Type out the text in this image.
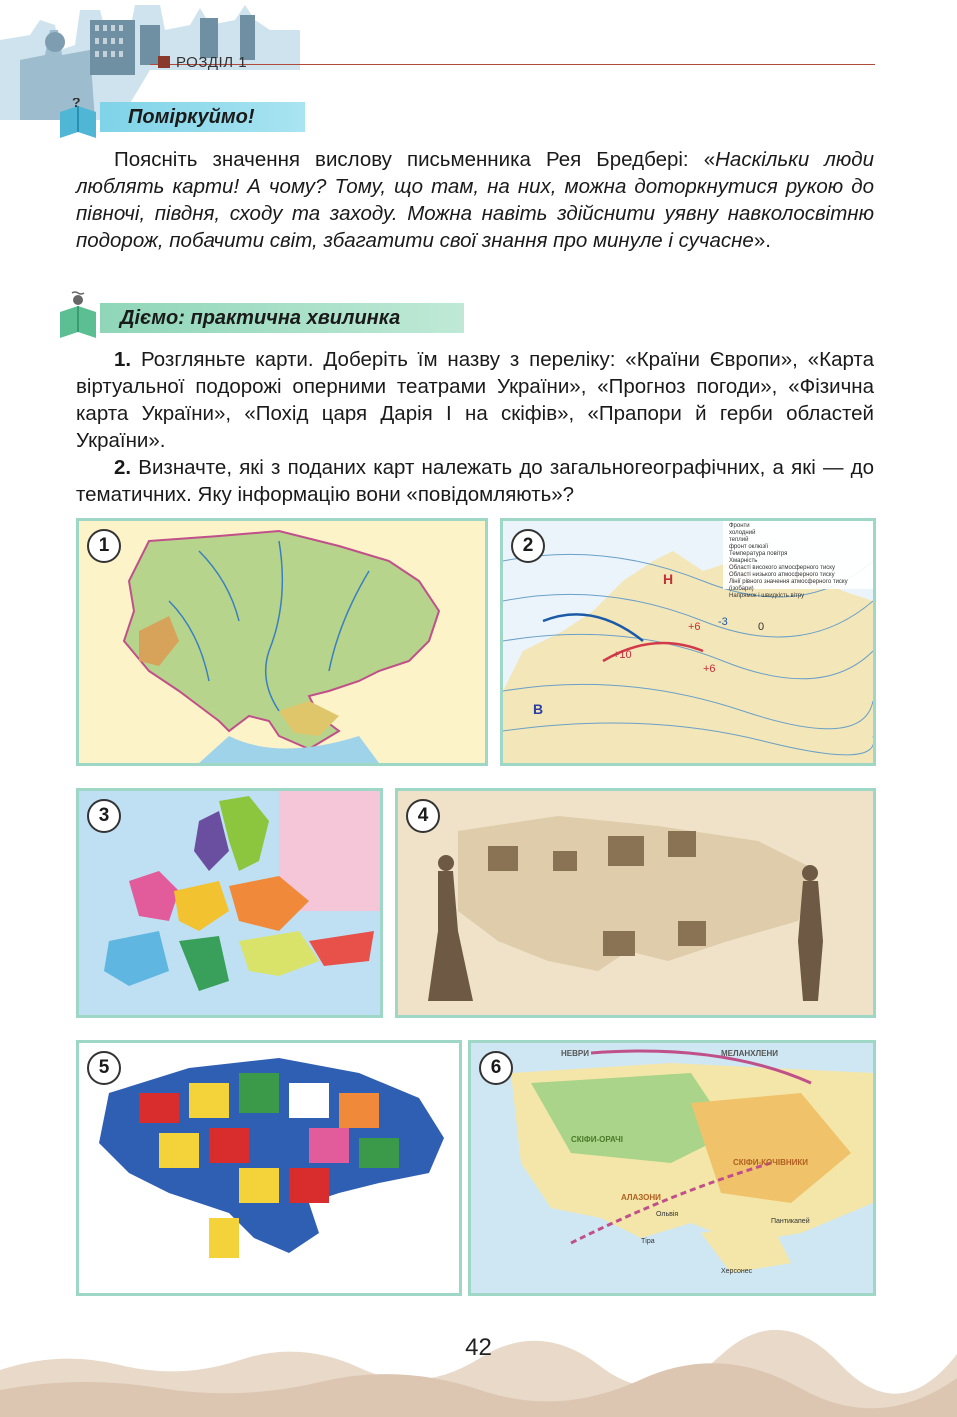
РОЗДІЛ 1
?
Поміркуймо!
Поясніть значення вислову письменника Рея Бредбері: «Наскільки люди люблять карти! А чому? Тому, що там, на них, можна доторкнутися рукою до півночі, півдня, сходу та заходу. Можна навіть здійснити уявну навколосвітню подорож, побачити світ, збагатити свої знання про минуле і сучасне».
Діємо: практична хвилинка
1. Розгляньте карти. Доберіть їм назву з переліку: «Країни Європи», «Карта віртуальної подорожі оперними театрами України», «Прогноз погоди», «Фізична карта України», «Похід царя Дарія І на скіфів», «Прапори й герби областей України».
2. Визначте, які з поданих карт належать до загальногеографічних, а які — до тематичних. Яку інформацію вони «повідомляють»?
1
Фронти
холодний
теплий
фронт оклюзії
Температура повітря
Хмарність
Області високого атмосферного тиску
Області низького атмосферного тиску
Лінії рівного значення атмосферного тиску (ізобари)
Напрямок і швидкість вітру
В
Н
+6
+10
+6
0
-3
2
3	4
5
СКІФИ-ОРАЧІ
СКІФИ-КОЧІВНИКИ
АЛАЗОНИ
НЕВРИ	МЕЛАНХЛЕНИ
Ольвія
Пантикапей
Херсонес
Тіра
6
42
